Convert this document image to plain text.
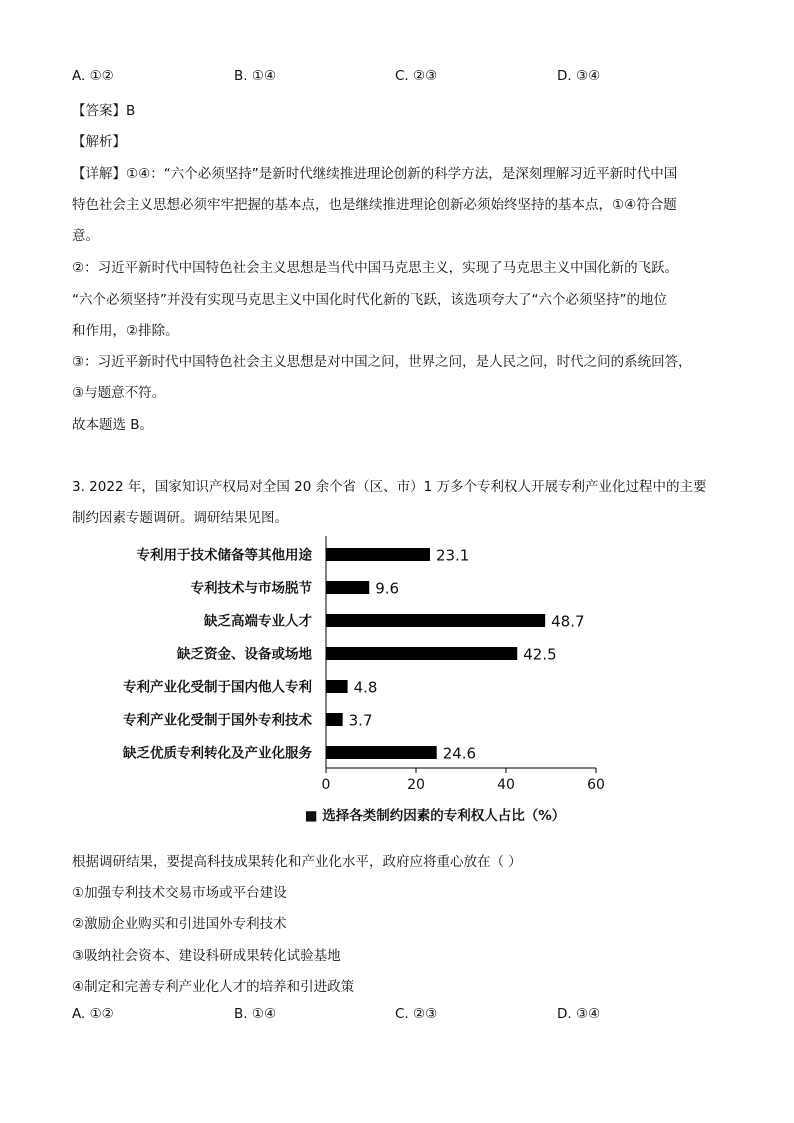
A. ①②	B. ①④	C. ②③	D. ③④
【答案】B
【解析】
【详解】①④：“六个必须坚持”是新时代继续推进理论创新的科学方法，是深刻理解习近平新时代中国
特色社会主义思想必须牢牢把握的基本点，也是继续推进理论创新必须始终坚持的基本点，①④符合题
意。
②：习近平新时代中国特色社会主义思想是当代中国马克思主义，实现了马克思主义中国化新的飞跃。
“六个必须坚持”并没有实现马克思主义中国化时代化新的飞跃，该选项夸大了“六个必须坚持”的地位
和作用，②排除。
③：习近平新时代中国特色社会主义思想是对中国之问，世界之问，是人民之问，时代之问的系统回答，
③与题意不符。
故本题选 B。
3. 2022 年，国家知识产权局对全国 20 余个省（区、市）1 万多个专利权人开展专利产业化过程中的主要
制约因素专题调研。调研结果见图。
专利用于技术储备等其他用途	23.1
专利技术与市场脱节	9.6
缺乏高端专业人才	48.7
缺乏资金、设备或场地	42.5
专利产业化受制于国内他人专利	4.8
专利产业化受制于国外专利技术 3.7
缺乏优质专利转化及产业化服务	24.6
0	20	40	60
■ 选择各类制约因素的专利权人占比（%）
根据调研结果，要提高科技成果转化和产业化水平，政府应将重心放在（ ）
①加强专利技术交易市场或平台建设
②激励企业购买和引进国外专利技术
③吸纳社会资本、建设科研成果转化试验基地
④制定和完善专利产业化人才的培养和引进政策
A. ①②	B. ①④	C. ②③	D. ③④
